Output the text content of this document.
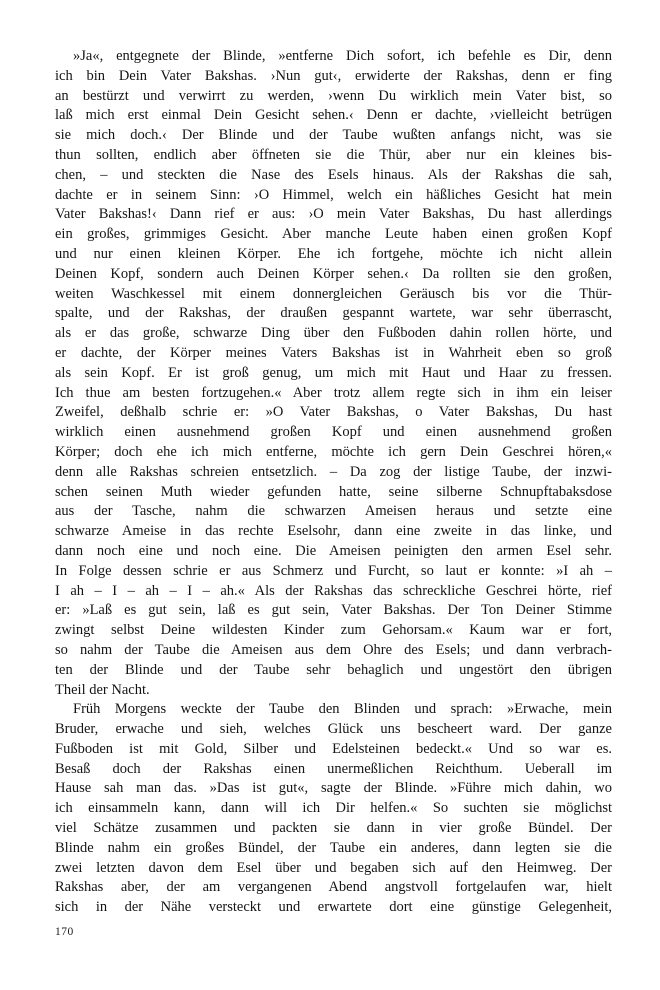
»Ja«, entgegnete der Blinde, »entferne Dich sofort, ich befehle es Dir, denn
ich bin Dein Vater Bakshas. ›Nun gut‹, erwiderte der Rakshas, denn er fing
an bestürzt und verwirrt zu werden, ›wenn Du wirklich mein Vater bist, so
laß mich erst einmal Dein Gesicht sehen.‹ Denn er dachte, ›vielleicht betrügen
sie mich doch.‹ Der Blinde und der Taube wußten anfangs nicht, was sie
thun sollten, endlich aber öffneten sie die Thür, aber nur ein kleines bis-
chen, – und steckten die Nase des Esels hinaus. Als der Rakshas die sah,
dachte er in seinem Sinn: ›O Himmel, welch ein häßliches Gesicht hat mein
Vater Bakshas!‹ Dann rief er aus: ›O mein Vater Bakshas, Du hast allerdings
ein großes, grimmiges Gesicht. Aber manche Leute haben einen großen Kopf
und nur einen kleinen Körper. Ehe ich fortgehe, möchte ich nicht allein
Deinen Kopf, sondern auch Deinen Körper sehen.‹ Da rollten sie den großen,
weiten Waschkessel mit einem donnergleichen Geräusch bis vor die Thür-
spalte, und der Rakshas, der draußen gespannt wartete, war sehr überrascht,
als er das große, schwarze Ding über den Fußboden dahin rollen hörte, und
er dachte, der Körper meines Vaters Bakshas ist in Wahrheit eben so groß
als sein Kopf. Er ist groß genug, um mich mit Haut und Haar zu fressen.
Ich thue am besten fortzugehen.« Aber trotz allem regte sich in ihm ein leiser
Zweifel, deßhalb schrie er: »O Vater Bakshas, o Vater Bakshas, Du hast
wirklich einen ausnehmend großen Kopf und einen ausnehmend großen
Körper; doch ehe ich mich entferne, möchte ich gern Dein Geschrei hören,«
denn alle Rakshas schreien entsetzlich. – Da zog der listige Taube, der inzwi-
schen seinen Muth wieder gefunden hatte, seine silberne Schnupftabaksdose
aus der Tasche, nahm die schwarzen Ameisen heraus und setzte eine
schwarze Ameise in das rechte Eselsohr, dann eine zweite in das linke, und
dann noch eine und noch eine. Die Ameisen peinigten den armen Esel sehr.
In Folge dessen schrie er aus Schmerz und Furcht, so laut er konnte: »I ah –
I ah – I – ah – I – ah.« Als der Rakshas das schreckliche Geschrei hörte, rief
er: »Laß es gut sein, laß es gut sein, Vater Bakshas. Der Ton Deiner Stimme
zwingt selbst Deine wildesten Kinder zum Gehorsam.« Kaum war er fort,
so nahm der Taube die Ameisen aus dem Ohre des Esels; und dann verbrach-
ten der Blinde und der Taube sehr behaglich und ungestört den übrigen
Theil der Nacht.
Früh Morgens weckte der Taube den Blinden und sprach: »Erwache, mein
Bruder, erwache und sieh, welches Glück uns bescheert ward. Der ganze
Fußboden ist mit Gold, Silber und Edelsteinen bedeckt.« Und so war es.
Besaß doch der Rakshas einen unermeßlichen Reichthum. Ueberall im
Hause sah man das. »Das ist gut«, sagte der Blinde. »Führe mich dahin, wo
ich einsammeln kann, dann will ich Dir helfen.« So suchten sie möglichst
viel Schätze zusammen und packten sie dann in vier große Bündel. Der
Blinde nahm ein großes Bündel, der Taube ein anderes, dann legten sie die
zwei letzten davon dem Esel über und begaben sich auf den Heimweg. Der
Rakshas aber, der am vergangenen Abend angstvoll fortgelaufen war, hielt
sich in der Nähe versteckt und erwartete dort eine günstige Gelegenheit,
170
